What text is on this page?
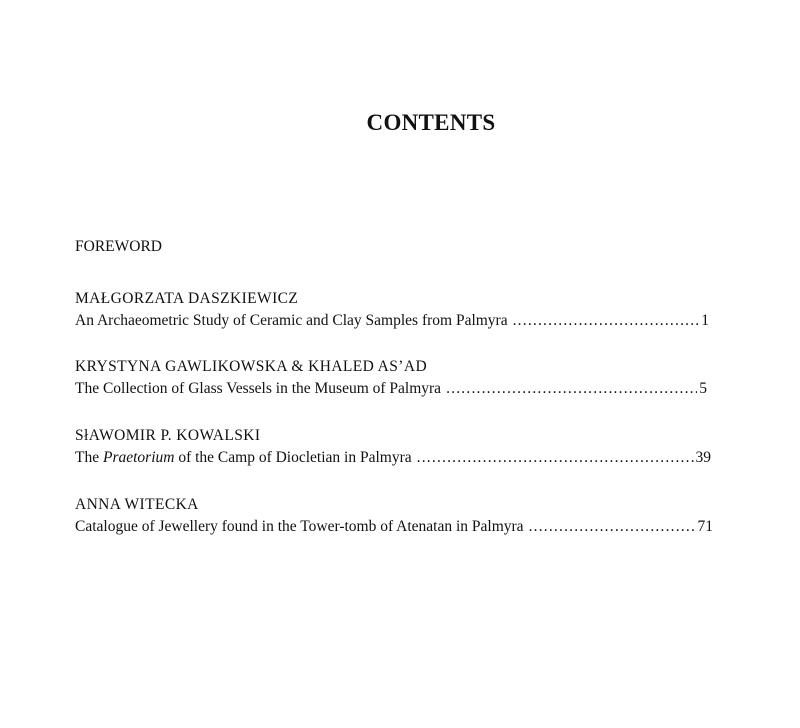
CONTENTS
FOREWORD
MAŁGORZATA DASZKIEWICZ
An Archaeometric Study of Ceramic and Clay Samples from Palmyra .....	1
KRYSTYNA GAWLIKOWSKA & KHALED AS’AD
The Collection of Glass Vessels in the Museum of Palmyra .....	5
SłAWOMIR P. KOWALSKI
The Praetorium of the Camp of Diocletian in Palmyra .....	39
ANNA WITECKA
Catalogue of Jewellery found in the Tower-tomb of Atenatan in Palmyra .....	71
